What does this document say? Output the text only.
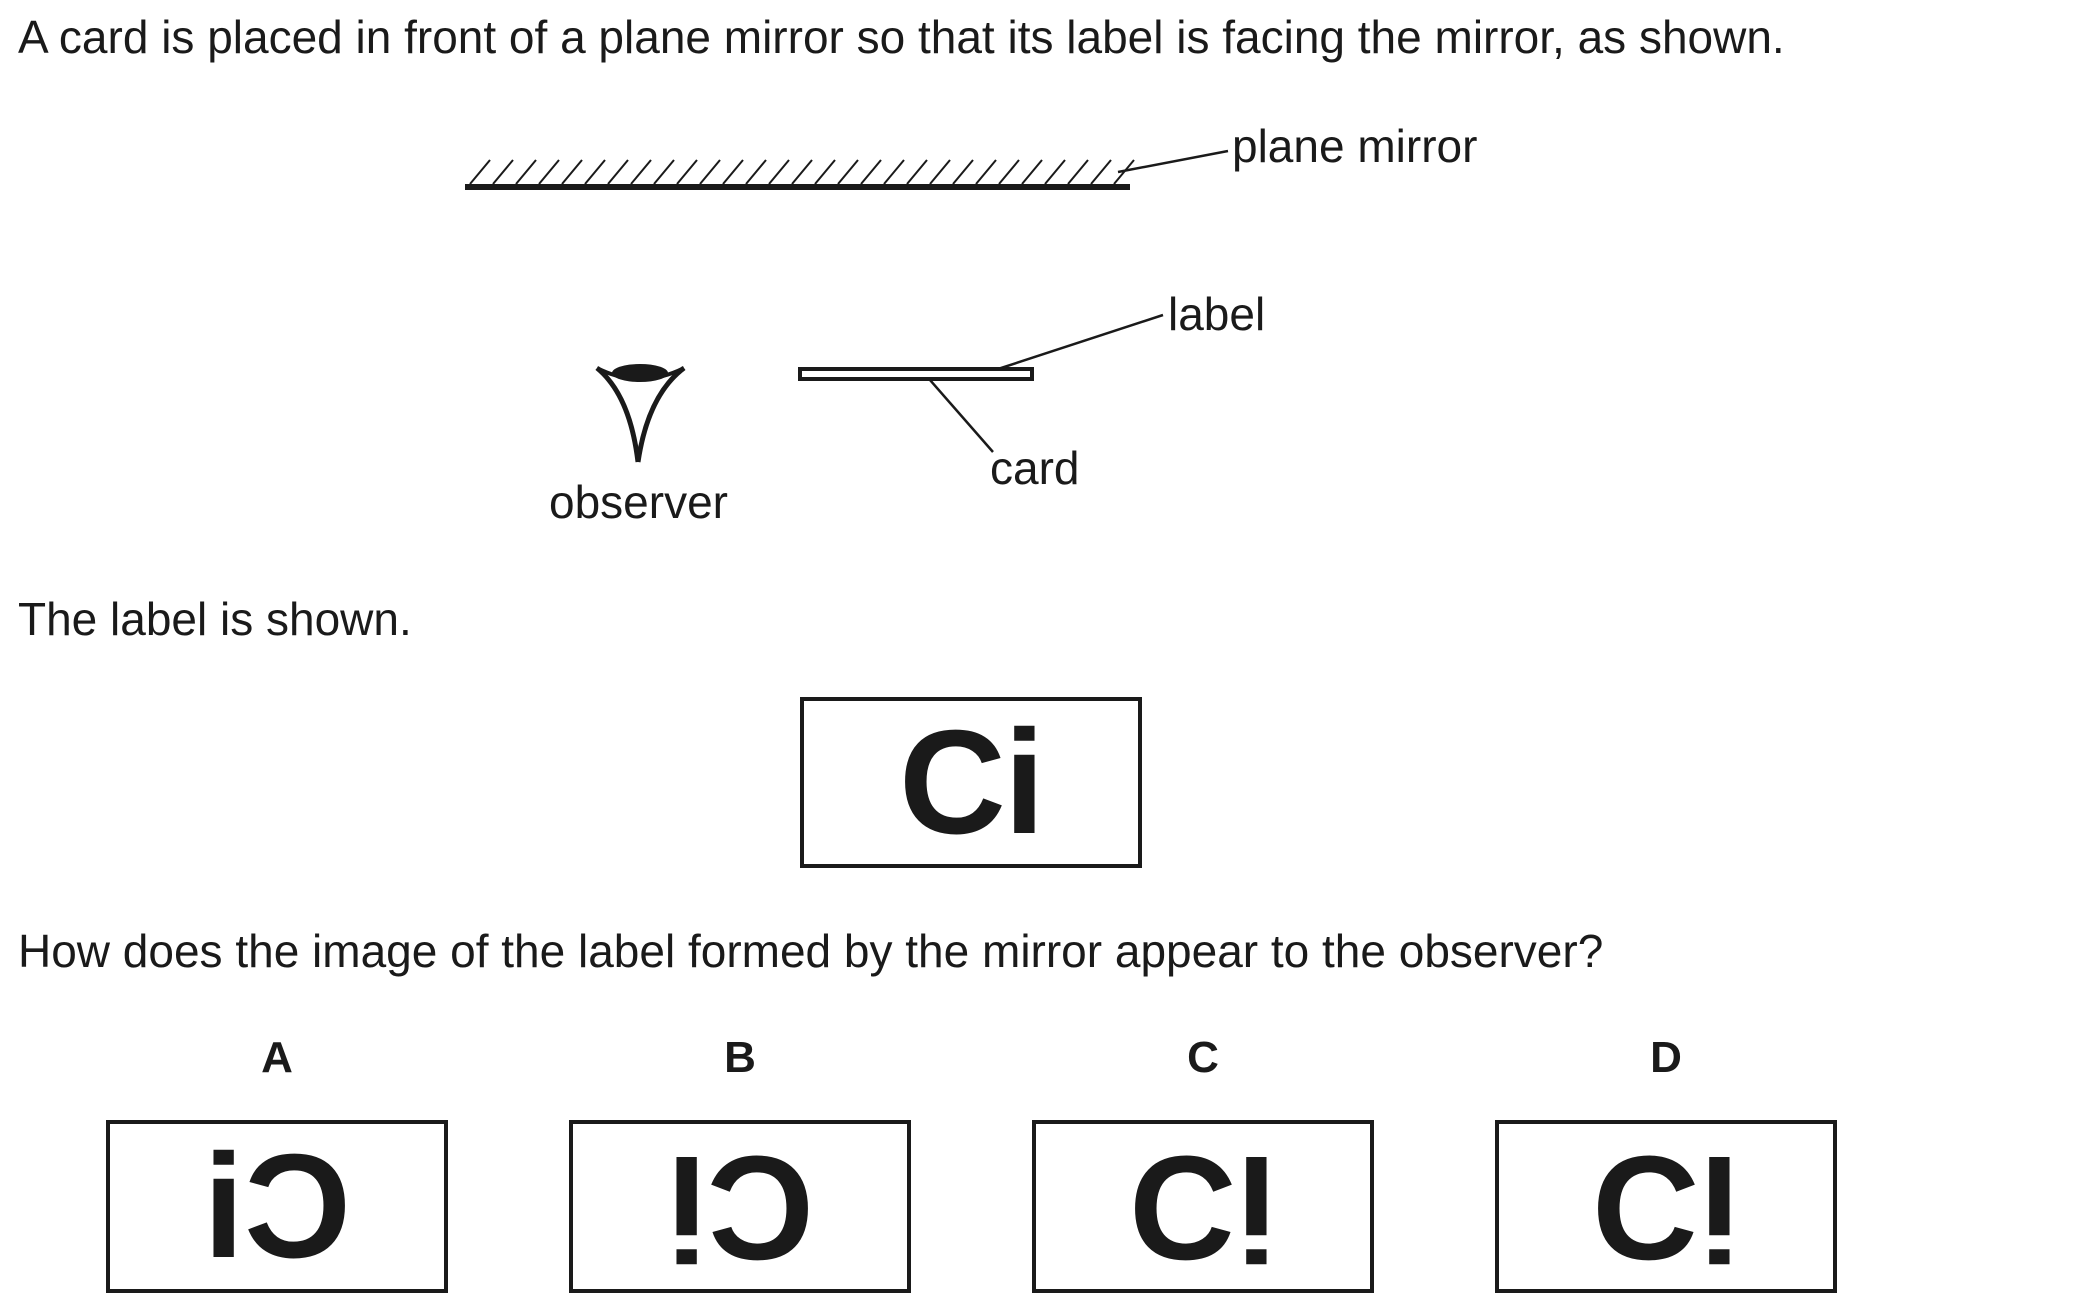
A card is placed in front of a plane mirror so that its label is facing the mirror, as shown.
plane mirror
label
card
observer
The label is shown.
Ci
How does the image of the label formed by the mirror appear to the observer?
A	B	C	D
Ci Ci Ci Ci
